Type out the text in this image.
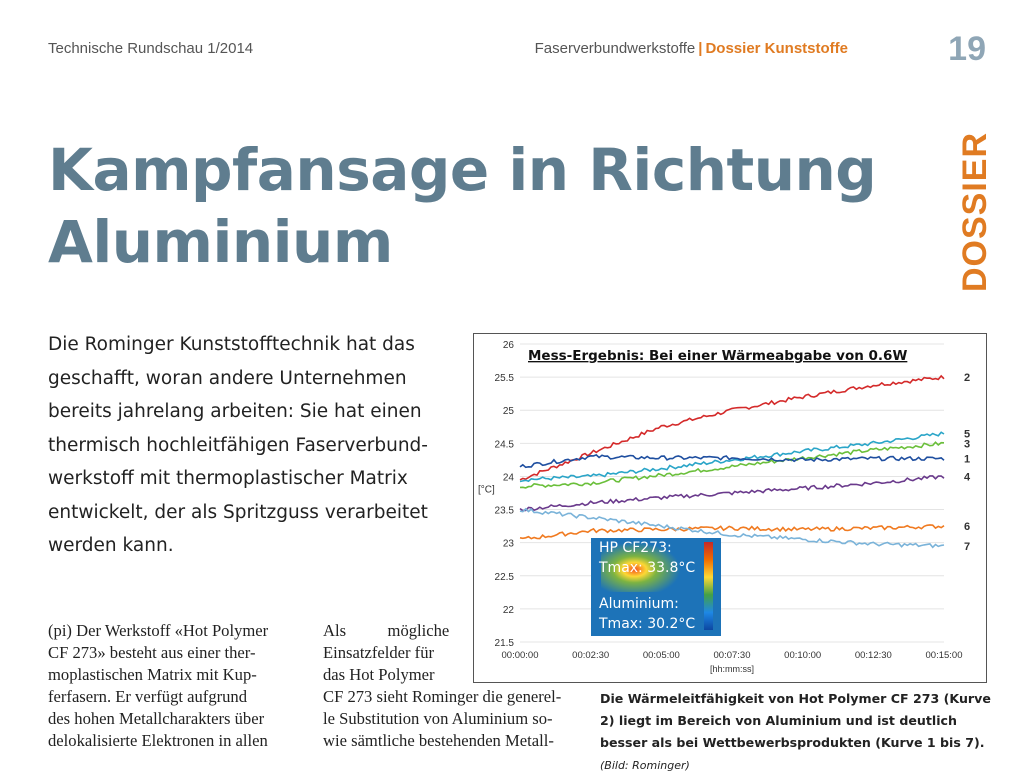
Technische Rundschau 1/2014	Faserverbundwerkstoffe | Dossier Kunststoffe	19
DOSSIER
Kampfansage in Richtung
Aluminium
Die Rominger Kunststofftechnik hat das
geschafft, woran andere Unternehmen
bereits jahrelang arbeiten: Sie hat einen
thermisch hochleitfähigen Faserverbund-
werkstoff mit thermoplastischer Matrix
entwickelt, der als Spritzguss verarbeitet
werden kann.
(pi) Der Werkstoff «Hot Polymer
CF 273» besteht aus einer ther-
moplastischen Matrix mit Kup-
ferfasern. Er verfügt aufgrund
des hohen Metallcharakters über
delokalisierte Elektronen in allen
Als          mögliche
Einsatzfelder für
das Hot Polymer
CF 273 sieht Rominger die generel-
le Substitution von Aluminium so-
wie sämtliche bestehenden Metall-
21.5
22
22.5
23
23.5
24
24.5
25
25.5
26
00:00:00	00:02:30	00:05:00	00:07:30	00:10:00	00:12:30	00:15:00
[°C]
[hh:mm:ss]
Mess-Ergebnis: Bei einer Wärmeabgabe von 0.6W
2
5
3
1
4
6
7
HP CF273:
Tmax: 33.8°C
Aluminium:
Tmax: 30.2°C
Die Wärmeleitfähigkeit von Hot Polymer CF 273 (Kurve 2) liegt im Bereich von Aluminium und ist deutlich besser als bei Wettbewerbsprodukten (Kurve 1 bis 7). (Bild: Rominger)
